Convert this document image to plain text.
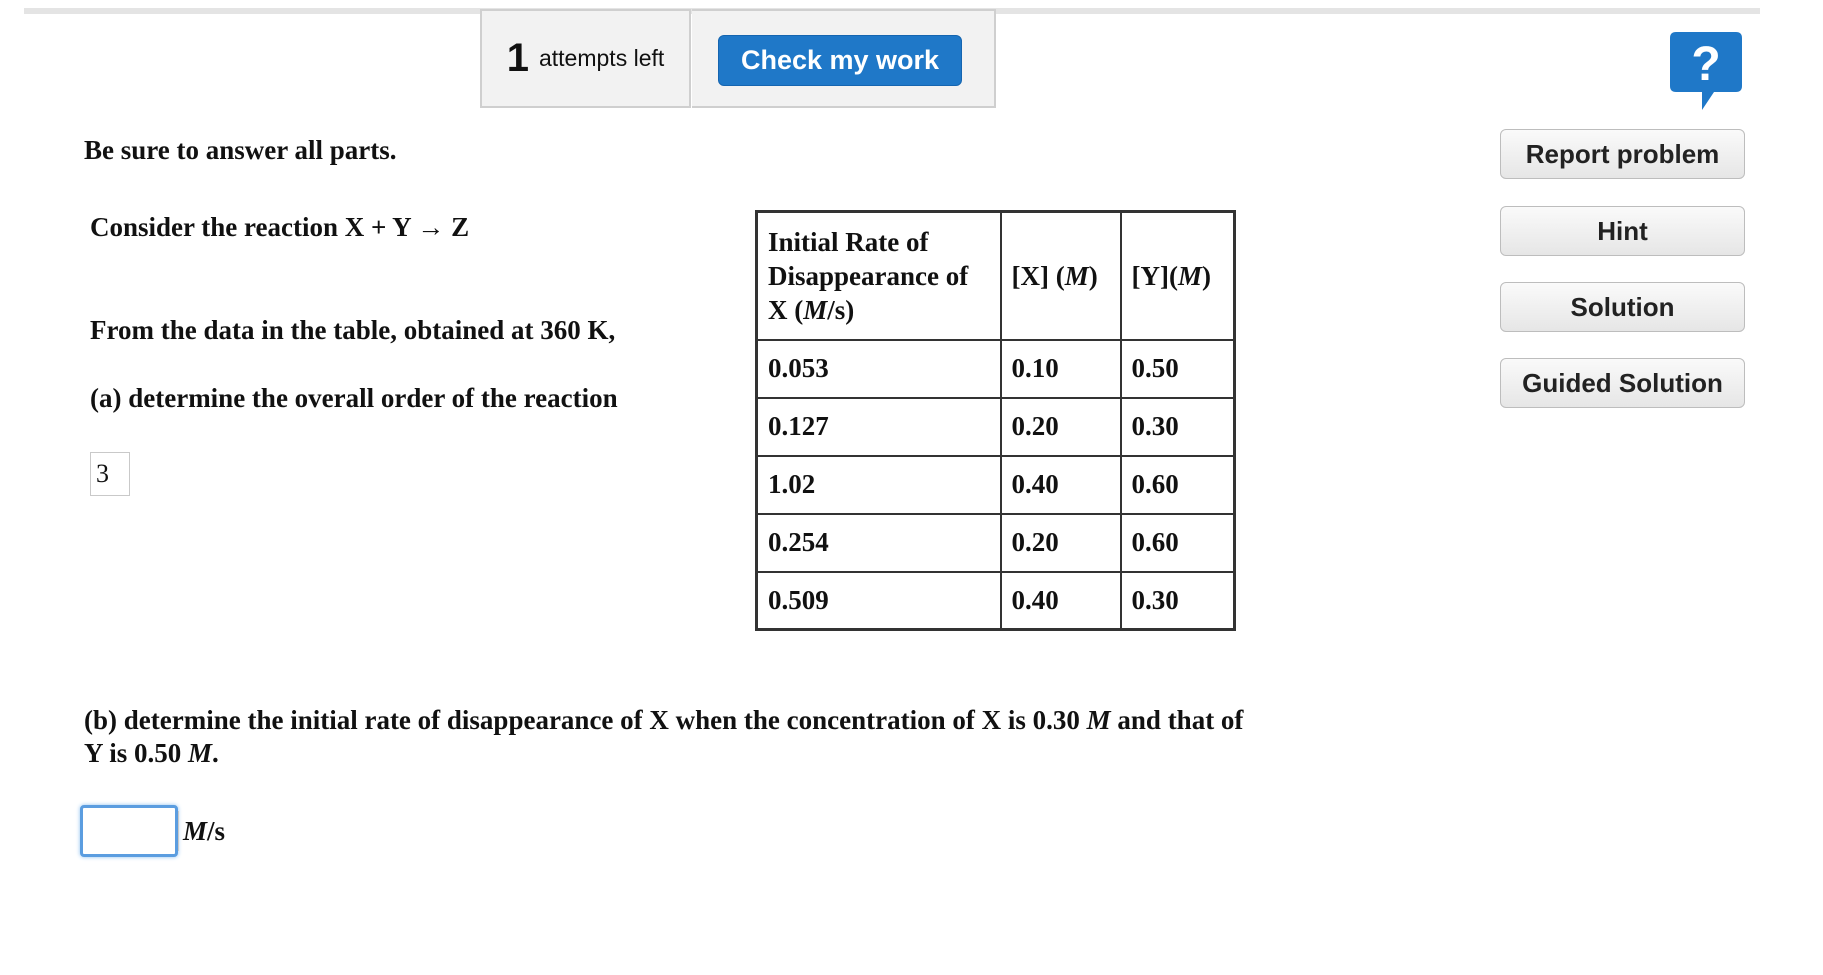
1 attempts left	Check my work	?
Report problem
Hint
Solution
Guided Solution
Be sure to answer all parts.
Consider the reaction X + Y → Z
From the data in the table, obtained at 360 K,
(a) determine the overall order of the reaction
3
Initial Rate of
Disappearance of
X (M/s)	[X] (M)	[Y](M)
0.053	0.10	0.50
0.127	0.20	0.30
1.02	0.40	0.60
0.254	0.20	0.60
0.509	0.40	0.30
(b) determine the initial rate of disappearance of X when the concentration of X is 0.30 M and that of
Y is 0.50 M.
M/s
